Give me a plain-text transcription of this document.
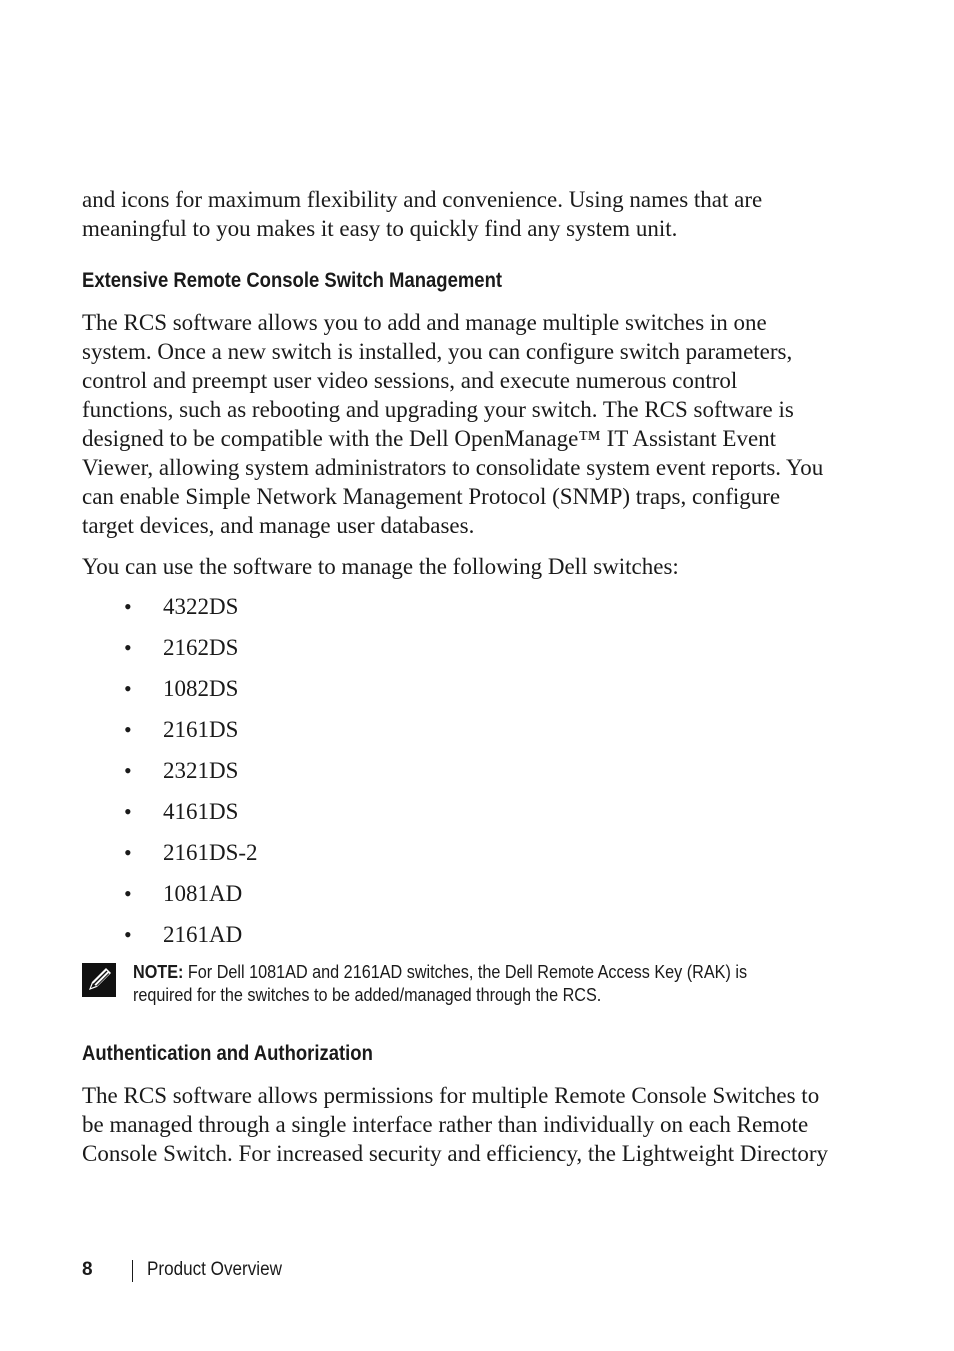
and icons for maximum flexibility and convenience. Using names that are
meaningful to you makes it easy to quickly find any system unit.

Extensive Remote Console Switch Management

The RCS software allows you to add and manage multiple switches in one
system. Once a new switch is installed, you can configure switch parameters,
control and preempt user video sessions, and execute numerous control
functions, such as rebooting and upgrading your switch. The RCS software is
designed to be compatible with the Dell OpenManage™ IT Assistant Event
Viewer, allowing system administrators to consolidate system event reports. You
can enable Simple Network Management Protocol (SNMP) traps, configure
target devices, and manage user databases.

You can use the software to manage the following Dell switches:

• 4322DS
• 2162DS
• 1082DS
• 2161DS
• 2321DS
• 4161DS
• 2161DS-2
• 1081AD
• 2161AD

NOTE: For Dell 1081AD and 2161AD switches, the Dell Remote Access Key (RAK) is
required for the switches to be added/managed through the RCS.

Authentication and Authorization

The RCS software allows permissions for multiple Remote Console Switches to
be managed through a single interface rather than individually on each Remote
Console Switch. For increased security and efficiency, the Lightweight Directory

8	Product Overview
